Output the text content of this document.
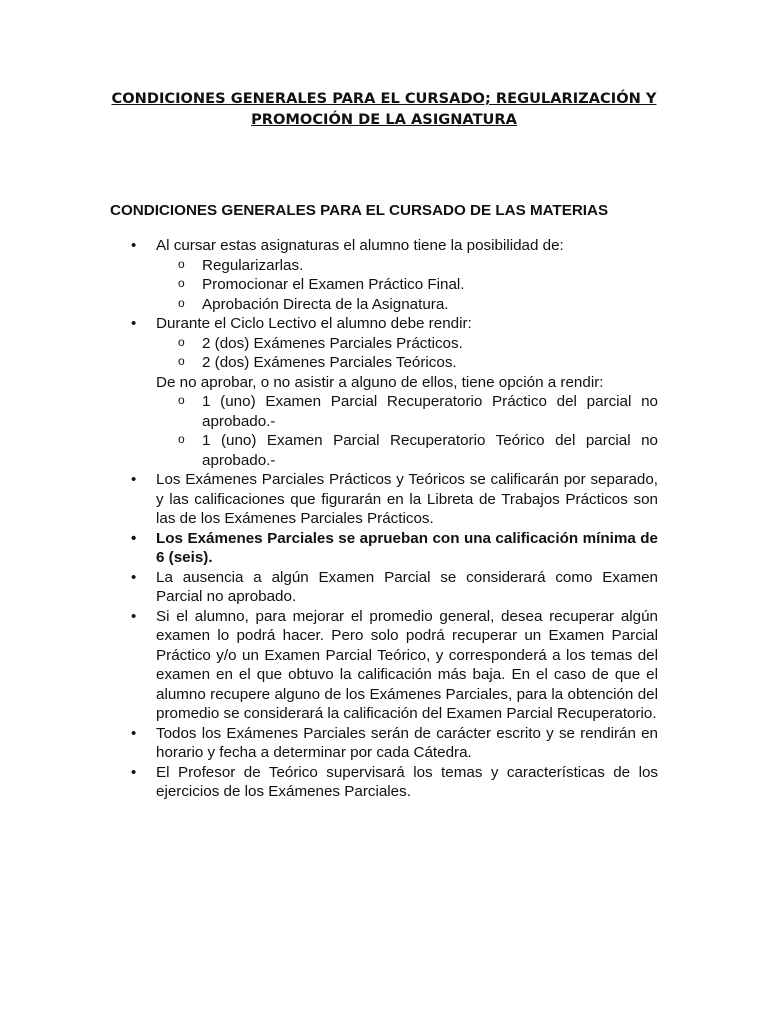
CONDICIONES GENERALES PARA EL CURSADO; REGULARIZACIÓN Y
PROMOCIÓN DE LA ASIGNATURA
CONDICIONES GENERALES PARA EL CURSADO DE LAS MATERIAS
• Al cursar estas asignaturas el alumno tiene la posibilidad de:
o Regularizarlas.
o Promocionar el Examen Práctico Final.
o Aprobación Directa de la Asignatura.
• Durante el Ciclo Lectivo el alumno debe rendir:
o 2 (dos) Exámenes Parciales Prácticos.
o 2 (dos) Exámenes Parciales Teóricos.
De no aprobar, o no asistir a alguno de ellos, tiene opción a rendir:
o 1 (uno) Examen Parcial Recuperatorio Práctico del parcial no aprobado.-
o 1 (uno) Examen Parcial Recuperatorio Teórico del parcial no aprobado.-
• Los Exámenes Parciales Prácticos y Teóricos se calificarán por separado, y las calificaciones que figurarán en la Libreta de Trabajos Prácticos son las de los Exámenes Parciales Prácticos.
• Los Exámenes Parciales se aprueban con una calificación mínima de 6 (seis).
• La ausencia a algún Examen Parcial se considerará como Examen Parcial no aprobado.
• Si el alumno, para mejorar el promedio general, desea recuperar algún examen lo podrá hacer. Pero solo podrá recuperar un Examen Parcial Práctico y/o un Examen Parcial Teórico, y corresponderá a los temas del examen en el que obtuvo la calificación más baja. En el caso de que el alumno recupere alguno de los Exámenes Parciales, para la obtención del promedio se considerará la calificación del Examen Parcial Recuperatorio.
• Todos los Exámenes Parciales serán de carácter escrito y se rendirán en horario y fecha a determinar por cada Cátedra.
• El Profesor de Teórico supervisará los temas y características de los ejercicios de los Exámenes Parciales.
